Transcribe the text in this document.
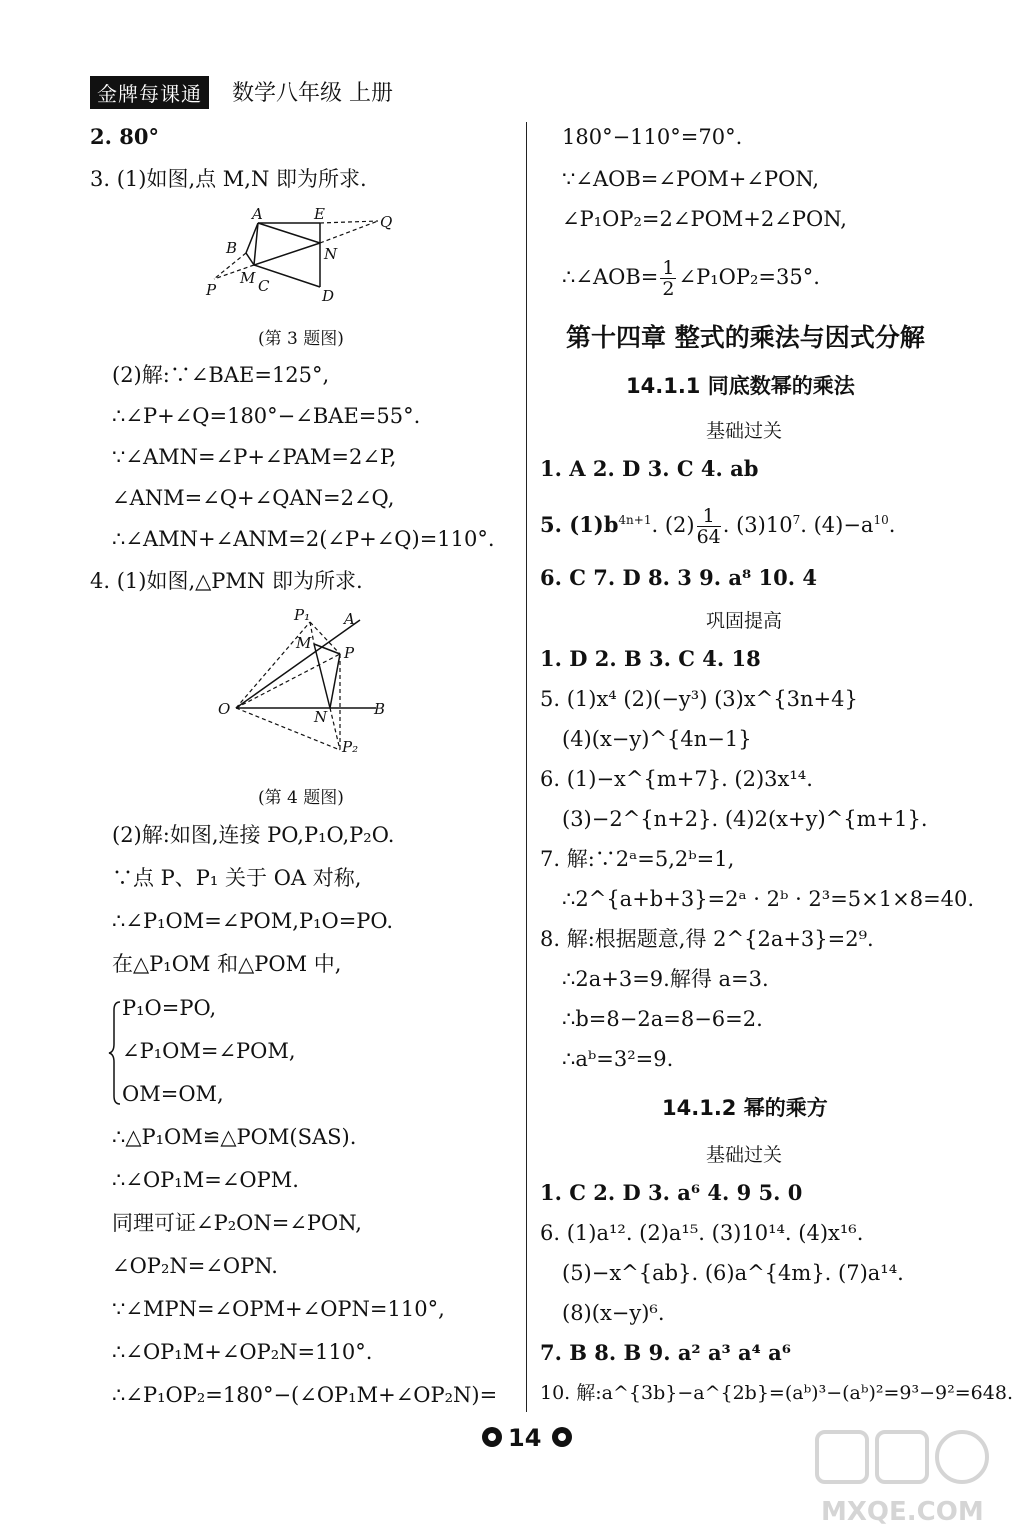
金牌每课通	数学八年级 上册
2. 80°
3. (1)如图,点 M,N 即为所求.
A	E	Q
B	N
M C
P	D
(第 3 题图)
(2)解:∵∠BAE=125°,
∴∠P+∠Q=180°−∠BAE=55°.
∵∠AMN=∠P+∠PAM=2∠P,
∠ANM=∠Q+∠QAN=2∠Q,
∴∠AMN+∠ANM=2(∠P+∠Q)=110°.
4. (1)如图,△PMN 即为所求.
P₁ A
M
P
O	N	B
P₂
(第 4 题图)
(2)解:如图,连接 PO,P₁O,P₂O.
∵点 P、P₁ 关于 OA 对称,
∴∠P₁OM=∠POM,P₁O=PO.
在△P₁OM 和△POM 中,
P₁O=PO,
∠P₁OM=∠POM,
OM=OM,
∴△P₁OM≌△POM(SAS).
∴∠OP₁M=∠OPM.
同理可证∠P₂ON=∠PON,
∠OP₂N=∠OPN.
∵∠MPN=∠OPM+∠OPN=110°,
∴∠OP₁M+∠OP₂N=110°.
∴∠P₁OP₂=180°−(∠OP₁M+∠OP₂N)=
180°−110°=70°.
∵∠AOB=∠POM+∠PON,
∠P₁OP₂=2∠POM+2∠PON,
∴∠AOB= $\frac{1}{2}$ ∠P₁OP₂=35°.
第十四章 整式的乘法与因式分解
14.1.1 同底数幂的乘法
基础过关
1. A 2. D 3. C 4. ab
5. $(1)b^{4n+1}$. $(2) \frac{1}{64}$ . $(3)10^7$. $(4)-a^{10}$.
6. C 7. D 8. 3 9. a⁸ 10. 4
巩固提高
1. D 2. B 3. C 4. 18
5. (1)x⁴ (2)(−y³) (3)x^{3n+4}
(4)(x−y)^{4n−1}
6. (1)−x^{m+7}. (2)3x¹⁴.
(3)−2^{n+2}. (4)2(x+y)^{m+1}.
7. 解:∵2ᵃ=5,2ᵇ=1,
∴2^{a+b+3}=2ᵃ · 2ᵇ · 2³=5×1×8=40.
8. 解:根据题意,得 2^{2a+3}=2⁹.
∴2a+3=9.解得 a=3.
∴b=8−2a=8−6=2.
∴aᵇ=3²=9.
14.1.2 幂的乘方
基础过关
1. C 2. D 3. a⁶ 4. 9 5. 0
6. (1)a¹². (2)a¹⁵. (3)10¹⁴. (4)x¹⁶.
(5)−x^{ab}. (6)a^{4m}. (7)a¹⁴.
(8)(x−y)⁶.
7. B 8. B 9. a² a³ a⁴ a⁶
10. 解:a^{3b}−a^{2b}=(aᵇ)³−(aᵇ)²=9³−9²=648.
14
MXQE.COM
